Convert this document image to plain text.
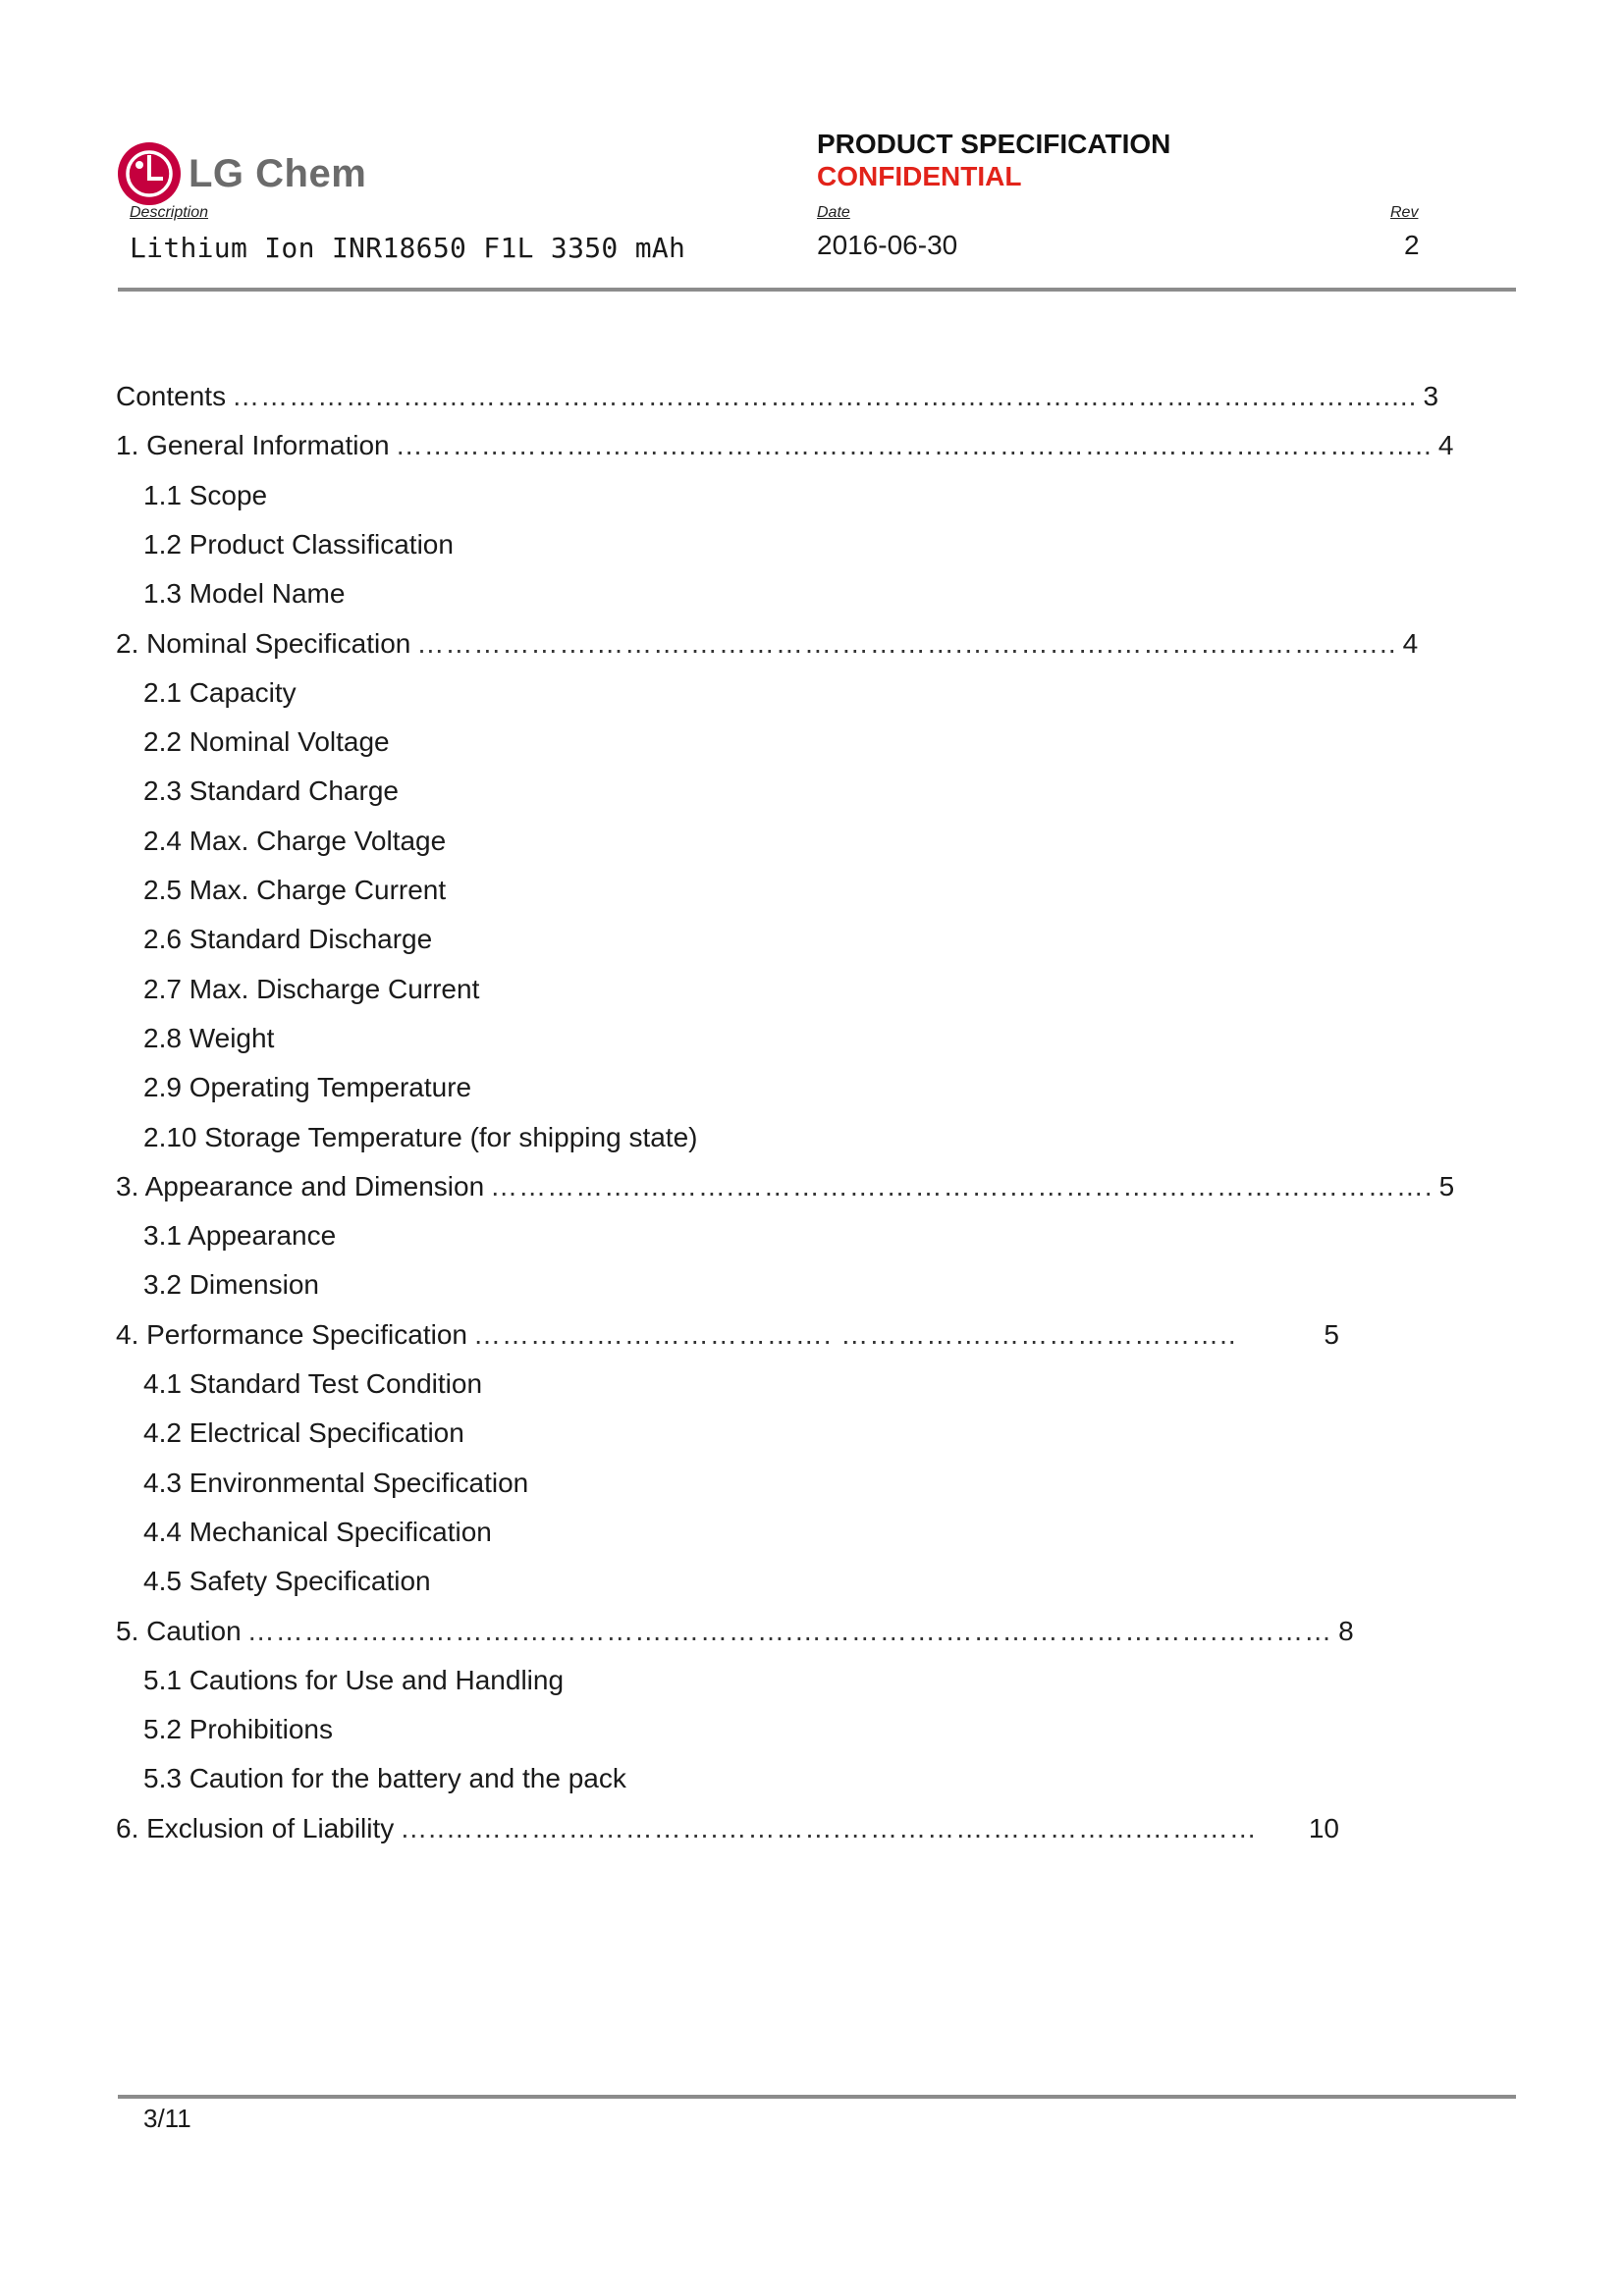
LG Chem
PRODUCT SPECIFICATION
CONFIDENTIAL
Description	Date	Rev
Lithium Ion INR18650 F1L 3350 mAh	2016-06-30	2
Contents ………………….……….…………….………….…………….…………….…………….…………..... 3
1. General Information ………………….……….…………….………….…………….…………….…………….. 4
1.1 Scope
1.2 Product Classification
1.3 Model Name
2. Nominal Specification ……………….……….…………….………….…………….…………….………….. 4
2.1 Capacity
2.2 Nominal Voltage
2.3 Standard Charge
2.4 Max. Charge Voltage
2.5 Max. Charge Current
2.6 Standard Discharge
2.7 Max. Discharge Current
2.8 Weight
2.9 Operating Temperature
2.10 Storage Temperature (for shipping state)
3. Appearance and Dimension …………….……….…………….………….…………….…………….…………. 5
3.1 Appearance
3.2 Dimension
4. Performance Specification ………….……………………. …………….……………………..	5
4.1 Standard Test Condition
4.2 Electrical Specification
4.3 Environmental Specification
4.4 Mechanical Specification
4.5 Safety Specification
5. Caution ……………….……….…………….………….…………….…………….………….………… 8
5.1 Cautions for Use and Handling
5.2 Prohibitions
5.3 Caution for the battery and the pack
6. Exclusion of Liability …..………….…………….………….…………….…………….…………	10
3/11
